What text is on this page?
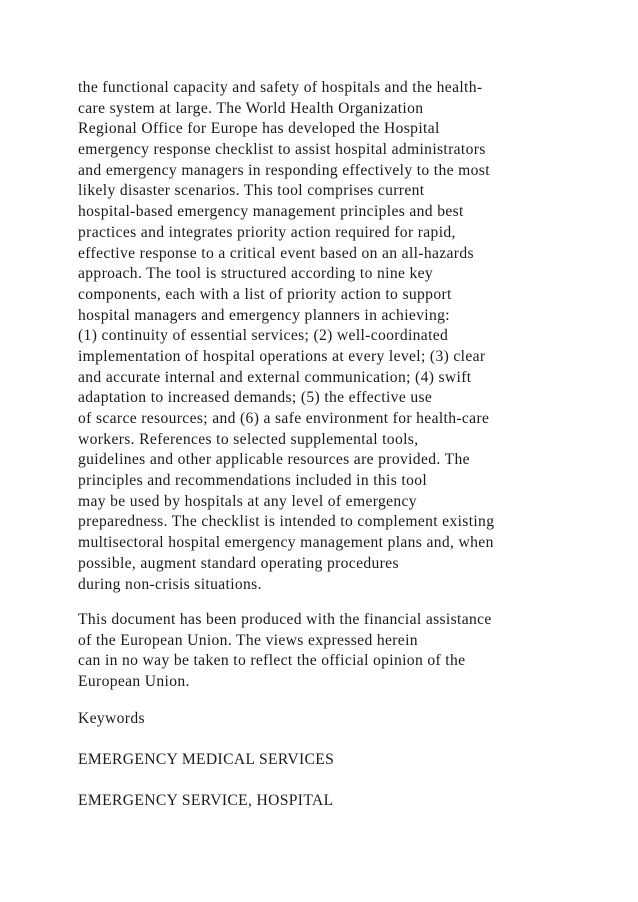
the functional capacity and safety of hospitals and the health-
care system at large. The World Health Organization
Regional Office for Europe has developed the Hospital
emergency response checklist to assist hospital administrators
and emergency managers in responding effectively to the most
likely disaster scenarios. This tool comprises current
hospital-based emergency management principles and best
practices and integrates priority action required for rapid,
effective response to a critical event based on an all-hazards
approach. The tool is structured according to nine key
components, each with a list of priority action to support
hospital managers and emergency planners in achieving:
(1) continuity of essential services; (2) well-coordinated
implementation of hospital operations at every level; (3) clear
and accurate internal and external communication; (4) swift
adaptation to increased demands; (5) the effective use
of scarce resources; and (6) a safe environment for health-care
workers. References to selected supplemental tools,
guidelines and other applicable resources are provided. The
principles and recommendations included in this tool
may be used by hospitals at any level of emergency
preparedness. The checklist is intended to complement existing
multisectoral hospital emergency management plans and, when
possible, augment standard operating procedures
during non-crisis situations.
This document has been produced with the financial assistance
of the European Union. The views expressed herein
can in no way be taken to reflect the official opinion of the
European Union.
Keywords
EMERGENCY MEDICAL SERVICES
EMERGENCY SERVICE, HOSPITAL
